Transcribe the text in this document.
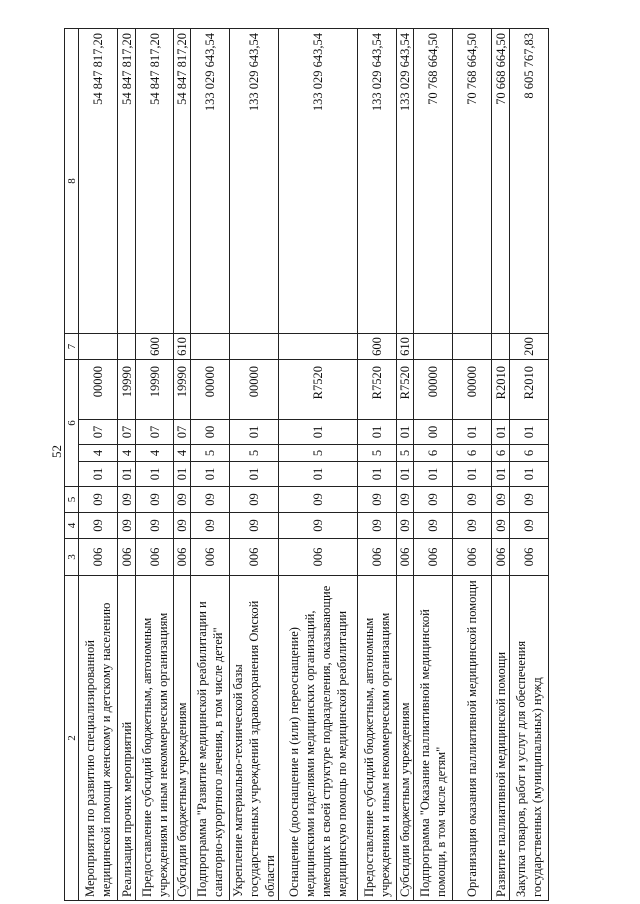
52
2	3	4	5	6				7	8
Мероприятия по развитию специализированной медицинской помощи женскому и детскому населению	006	09	09	01	4	07	00000		54 847 817,20
Реализация прочих мероприятий	006	09	09	01	4	07	19990		54 847 817,20
Предоставление субсидий бюджетным, автономным учреждениям и иным некоммерческим организациям	006	09	09	01	4	07	19990	600	54 847 817,20
Субсидии бюджетным учреждениям	006	09	09	01	4	07	19990	610	54 847 817,20
Подпрограмма "Развитие медицинской реабилитации и санаторно-курортного лечения, в том числе детей"	006	09	09	01	5	00	00000		133 029 643,54
Укрепление материально-технической базы государственных учреждений здравоохранения Омской области	006	09	09	01	5	01	00000		133 029 643,54
Оснащение (дооснащение и (или) переоснащение) медицинскими изделиями медицинских организаций, имеющих в своей структуре подразделения, оказывающие медицинскую помощь по медицинской реабилитации	006	09	09	01	5	01	R7520		133 029 643,54
Предоставление субсидий бюджетным, автономным учреждениям и иным некоммерческим организациям	006	09	09	01	5	01	R7520	600	133 029 643,54
Субсидии бюджетным учреждениям	006	09	09	01	5	01	R7520	610	133 029 643,54
Подпрограмма "Оказание паллиативной медицинской помощи, в том числе детям"	006	09	09	01	6	00	00000		70 768 664,50
Организация оказания паллиативной медицинской помощи	006	09	09	01	6	01	00000		70 768 664,50
Развитие паллиативной медицинской помощи	006	09	09	01	6	01	R2010		70 668 664,50
Закупка товаров, работ и услуг для обеспечения государственных (муниципальных) нужд	006	09	09	01	6	01	R2010	200	8 605 767,83
